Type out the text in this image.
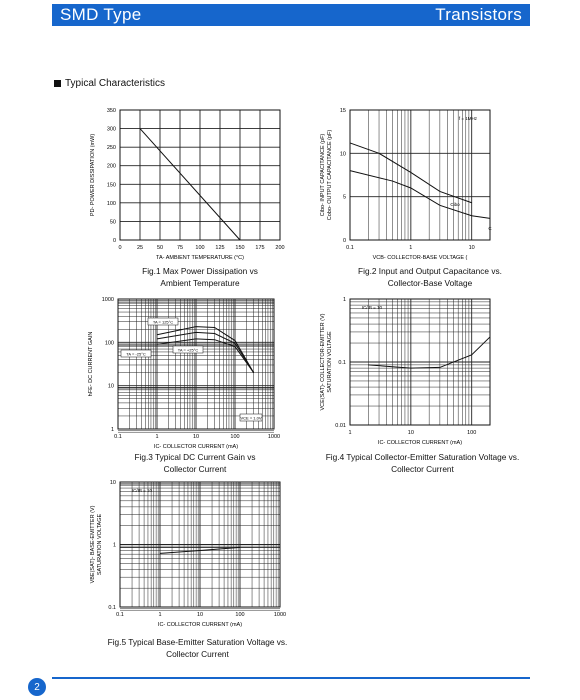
SMD Type	Transistors
Typical Characteristics
0	25	50	75 100 125 150 175 200
0
50
100
150
200
250
300
350
TA- AMBIENT TEMPERATURE (°C)
PD- POWER DISSIPATION (mW)
Fig.1 Max Power Dissipation vs
Ambient Temperature
0.1	1	10
0
5
10
15
VCB- COLLECTOR-BASE VOLTAGE (
Cibo- INPUT CAPACITANCE (pF) Cobo- OUTPUT CAPACITANCE (pF)
f = 1MHz
Cibo
C
Fig.2 Input and Output Capacitance vs.
Collector-Base Voltage
0.1	1	10	100	1000
1
10
100
1000
IC- COLLECTOR CURRENT (mA)
hFE- DC CURRENT GAIN
TA = 125°C
TA = +25°C
TA = -25°C
VCE = 1.0V
Fig.3 Typical DC Current Gain vs
Collector Current
1	10	100
0.01
0.1
1
IC- COLLECTOR CURRENT (mA)
VCE(SAT)- COLLECTOR-EMITTER (V) SATURATION VOLTAGE
IC/IB = 10
Fig.4 Typical Collector-Emitter Saturation Voltage vs.
Collector Current
0.1	1	10	100	1000
0.1
1
10
IC- COLLECTOR CURRENT (mA)
VBE(SAT)- BASE-EMITTER (V) SATURATION VOLTAGE
IC/IB = 10
Fig.5 Typical Base-Emitter Saturation Voltage vs.
Collector Current
2
